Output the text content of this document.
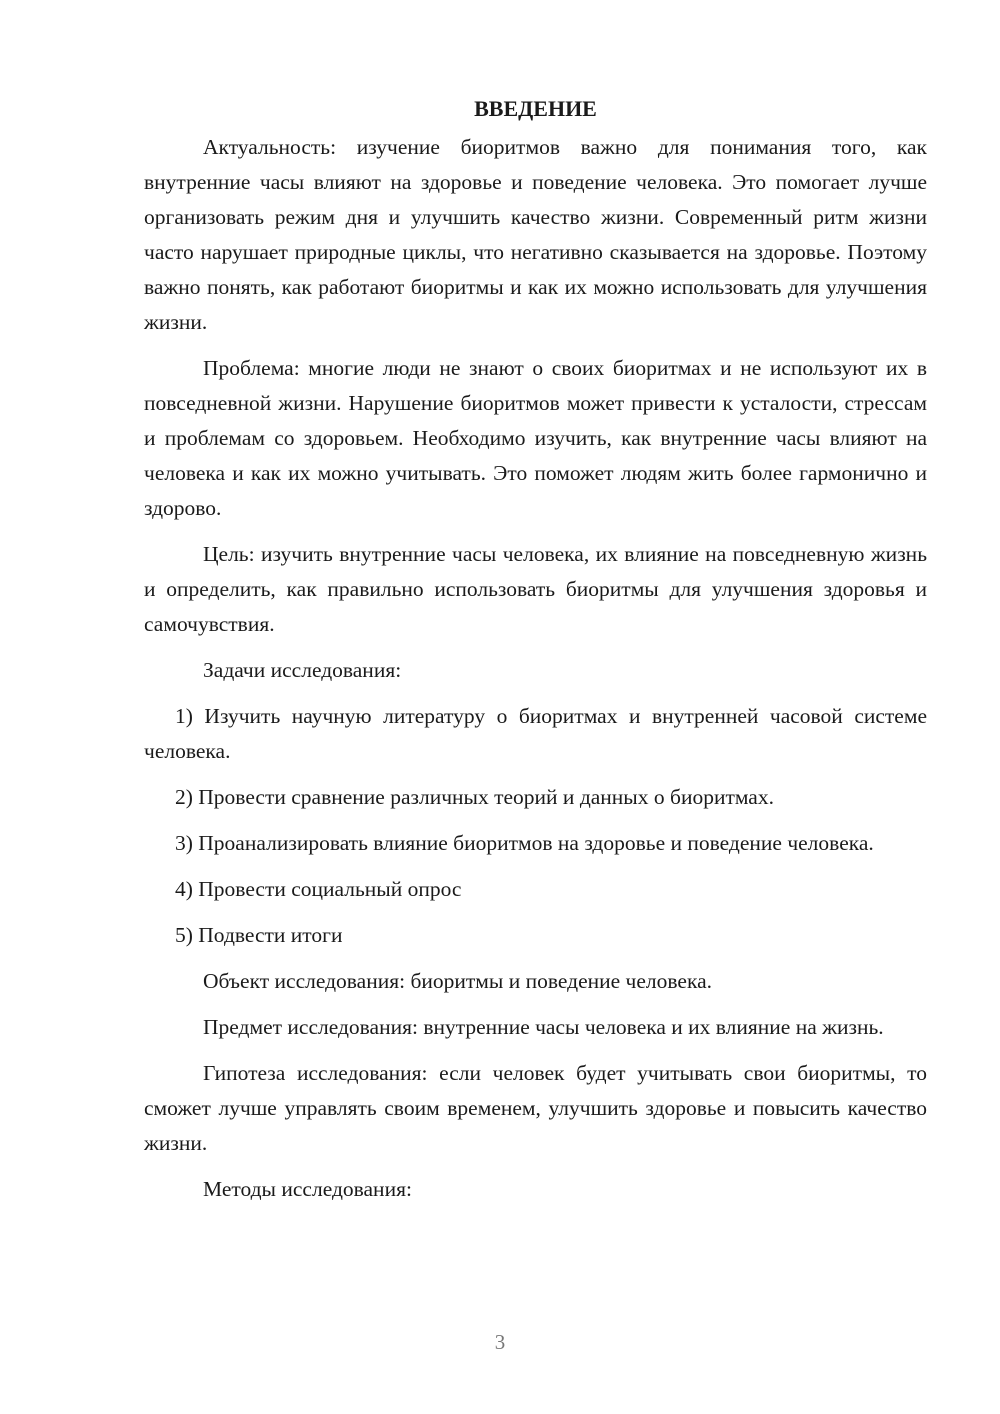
ВВЕДЕНИЕ

Актуальность: изучение биоритмов важно для понимания того, как внутренние часы влияют на здоровье и поведение человека. Это помогает лучше организовать режим дня и улучшить качество жизни. Современный ритм жизни часто нарушает природные циклы, что негативно сказывается на здоровье. Поэтому важно понять, как работают биоритмы и как их можно использовать для улучшения жизни.

Проблема: многие люди не знают о своих биоритмах и не используют их в повседневной жизни. Нарушение биоритмов может привести к усталости, стрессам и проблемам со здоровьем. Необходимо изучить, как внутренние часы влияют на человека и как их можно учитывать. Это поможет людям жить более гармонично и здорово.

Цель: изучить внутренние часы человека, их влияние на повседневную жизнь и определить, как правильно использовать биоритмы для улучшения здоровья и самочувствия.

Задачи исследования:

1) Изучить научную литературу о биоритмах и внутренней часовой системе человека.

2) Провести сравнение различных теорий и данных о биоритмах.

3) Проанализировать влияние биоритмов на здоровье и поведение человека.

4) Провести социальный опрос

5) Подвести итоги

Объект исследования: биоритмы и поведение человека.

Предмет исследования: внутренние часы человека и их влияние на жизнь.

Гипотеза исследования: если человек будет учитывать свои биоритмы, то сможет лучше управлять своим временем, улучшить здоровье и повысить качество жизни.

Методы исследования:

3
